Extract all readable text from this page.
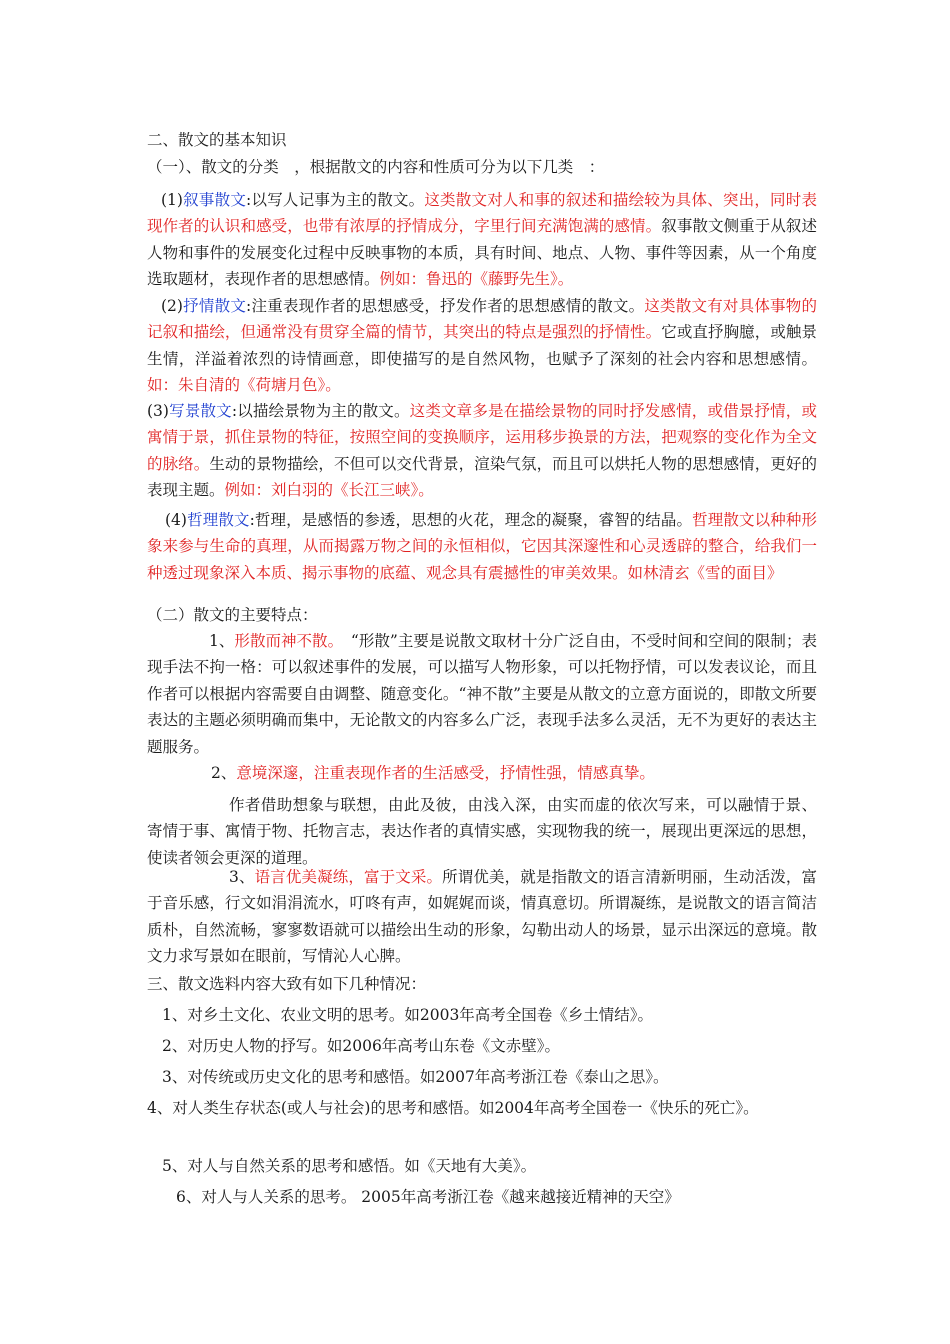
二、散文的基本知识
（一）、散文的分类　，根据散文的内容和性质可分为以下几类　：
(1)叙事散文:以写人记事为主的散文。这类散文对人和事的叙述和描绘较为具体、突出，同时表现作者的认识和感受，也带有浓厚的抒情成分，字里行间充满饱满的感情。叙事散文侧重于从叙述人物和事件的发展变化过程中反映事物的本质，具有时间、地点、人物、事件等因素，从一个角度选取题材，表现作者的思想感情。例如：鲁迅的《藤野先生》。
(2)抒情散文:注重表现作者的思想感受，抒发作者的思想感情的散文。这类散文有对具体事物的记叙和描绘，但通常没有贯穿全篇的情节，其突出的特点是强烈的抒情性。它或直抒胸臆，或触景生情，洋溢着浓烈的诗情画意，即使描写的是自然风物，也赋予了深刻的社会内容和思想感情。如：朱自清的《荷塘月色》。
(3)写景散文:以描绘景物为主的散文。这类文章多是在描绘景物的同时抒发感情，或借景抒情，或寓情于景，抓住景物的特征，按照空间的变换顺序，运用移步换景的方法，把观察的变化作为全文的脉络。生动的景物描绘，不但可以交代背景，渲染气氛，而且可以烘托人物的思想感情，更好的表现主题。例如：刘白羽的《长江三峡》。
(4)哲理散文:哲理，是感悟的参透，思想的火花，理念的凝聚，睿智的结晶。哲理散文以种种形象来参与生命的真理，从而揭露万物之间的永恒相似，它因其深邃性和心灵透辟的整合，给我们一种透过现象深入本质、揭示事物的底蕴、观念具有震撼性的审美效果。如林清玄《雪的面目》
（二）散文的主要特点：
1、形散而神不散。　“形散”主要是说散文取材十分广泛自由，不受时间和空间的限制；表现手法不拘一格：可以叙述事件的发展，可以描写人物形象，可以托物抒情，可以发表议论，而且作者可以根据内容需要自由调整、随意变化。“神不散”主要是从散文的立意方面说的，即散文所要表达的主题必须明确而集中，无论散文的内容多么广泛，表现手法多么灵活，无不为更好的表达主题服务。
2、意境深邃，注重表现作者的生活感受，抒情性强，情感真挚。
作者借助想象与联想，由此及彼，由浅入深，由实而虚的依次写来，可以融情于景、寄情于事、寓情于物、托物言志，表达作者的真情实感，实现物我的统一，展现出更深远的思想，使读者领会更深的道理。
3、语言优美凝练，富于文采。所谓优美，就是指散文的语言清新明丽，生动活泼，富于音乐感，行文如涓涓流水，叮咚有声，如娓娓而谈，情真意切。所谓凝练，是说散文的语言简洁质朴，自然流畅，寥寥数语就可以描绘出生动的形象，勾勒出动人的场景，显示出深远的意境。散文力求写景如在眼前，写情沁人心脾。
三、散文选料内容大致有如下几种情况：
1、对乡土文化、农业文明的思考。如2003年高考全国卷《乡土情结》。
2、对历史人物的抒写。如2006年高考山东卷《文赤壁》。
3、对传统或历史文化的思考和感悟。如2007年高考浙江卷《泰山之思》。
4、对人类生存状态(或人与社会)的思考和感悟。如2004年高考全国卷一《快乐的死亡》。
5、对人与自然关系的思考和感悟。如《天地有大美》。
6、对人与人关系的思考。 2005年高考浙江卷《越来越接近精神的天空》
